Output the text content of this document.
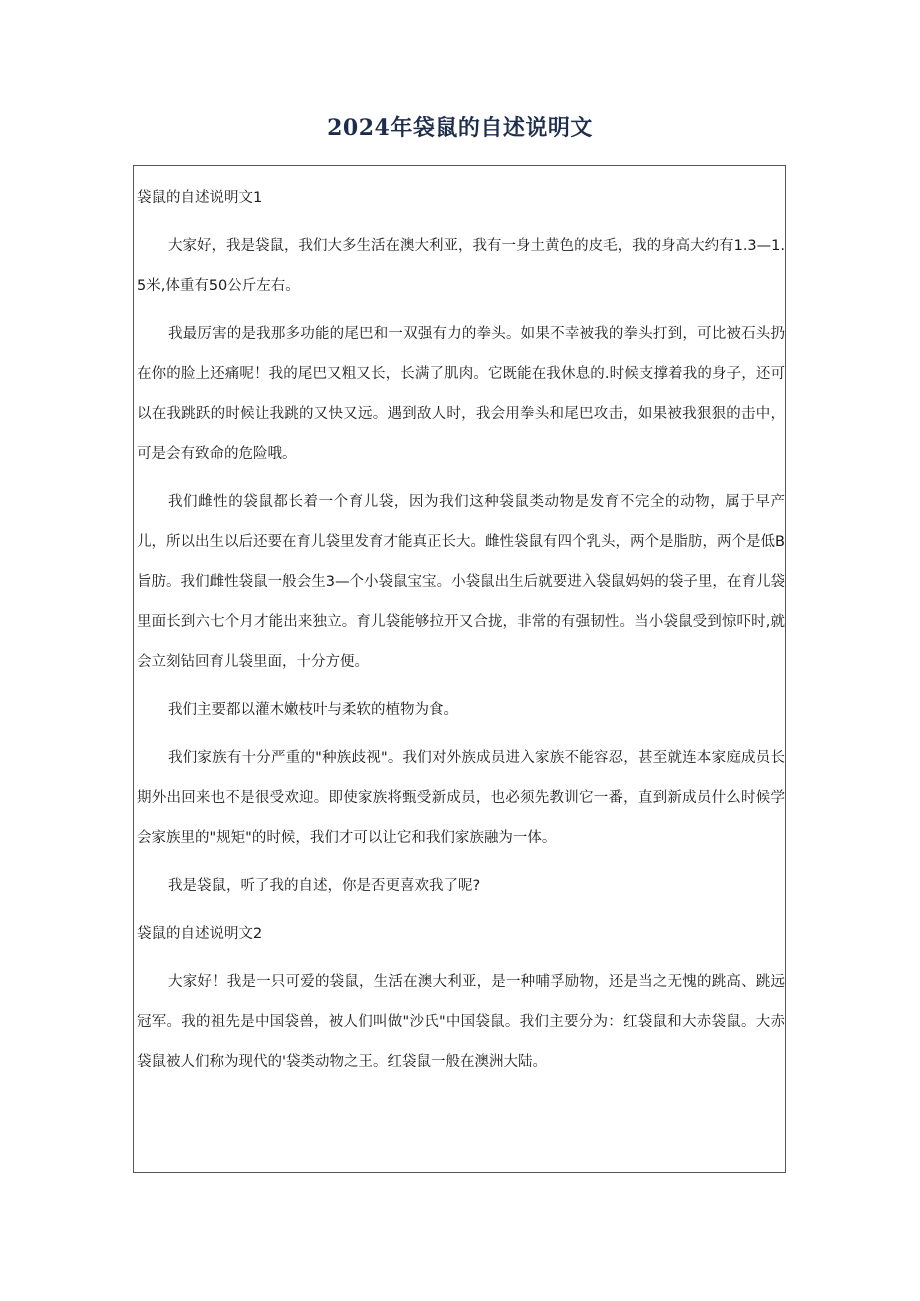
2024年袋鼠的自述说明文
袋鼠的自述说明文1

大家好，我是袋鼠，我们大多生活在澳大利亚，我有一身土黄色的皮毛，我的身高大约有1.3—1.5米,体重有50公斤左右。

我最厉害的是我那多功能的尾巴和一双强有力的拳头。如果不幸被我的拳头打到，可比被石头扔在你的脸上还痛呢！我的尾巴又粗又长，长满了肌肉。它既能在我休息的.时候支撑着我的身子，还可以在我跳跃的时候让我跳的又快又远。遇到敌人时，我会用拳头和尾巴攻击，如果被我狠狠的击中，可是会有致命的危险哦。

我们雌性的袋鼠都长着一个育儿袋，因为我们这种袋鼠类动物是发育不完全的动物，属于早产儿，所以出生以后还要在育儿袋里发育才能真正长大。雌性袋鼠有四个乳头，两个是脂肪，两个是低B旨肪。我们雌性袋鼠一般会生3—个小袋鼠宝宝。小袋鼠出生后就要进入袋鼠妈妈的袋子里，在育儿袋里面长到六七个月才能出来独立。育儿袋能够拉开又合拢，非常的有强韧性。当小袋鼠受到惊吓时,就会立刻钻回育儿袋里面，十分方便。

我们主要都以灌木嫩枝叶与柔软的植物为食。

我们家族有十分严重的"种族歧视"。我们对外族成员进入家族不能容忍，甚至就连本家庭成员长期外出回来也不是很受欢迎。即使家族将甄受新成员，也必须先教训它一番，直到新成员什么时候学会家族里的"规矩"的时候，我们才可以让它和我们家族融为一体。

我是袋鼠，听了我的自述，你是否更喜欢我了呢?

袋鼠的自述说明文2

大家好！我是一只可爱的袋鼠，生活在澳大利亚，是一种哺孚励物，还是当之无愧的跳高、跳远冠军。我的祖先是中国袋兽，被人们叫做"沙氏"中国袋鼠。我们主要分为：红袋鼠和大赤袋鼠。大赤袋鼠被人们称为现代的'袋类动物之王。红袋鼠一般在澳洲大陆。
